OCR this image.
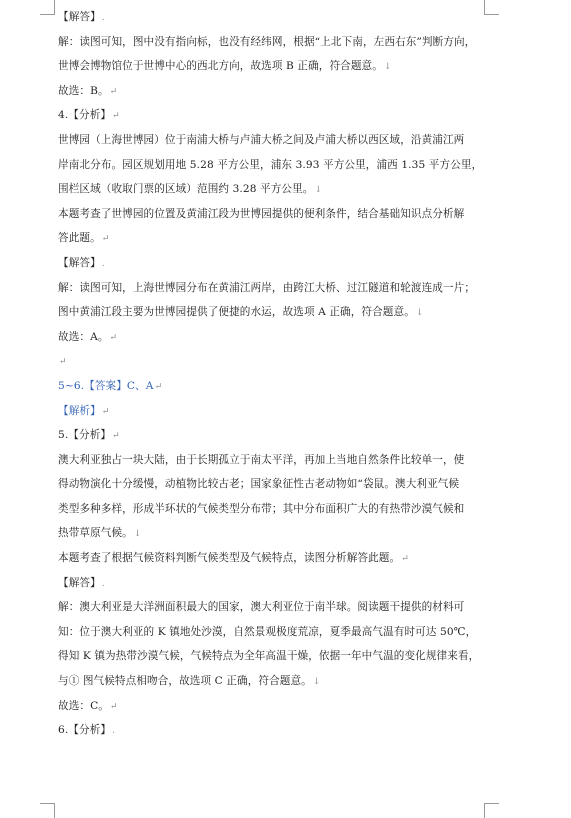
【解答】.
解：读图可知，图中没有指向标，也没有经纬网，根据“上北下南，左西右东”判断方向，
世博会博物馆位于世博中心的西北方向，故选项 B 正确，符合题意。↓
故选：B。↵
4.【分析】↵
世博园（上海世博园）位于南浦大桥与卢浦大桥之间及卢浦大桥以西区域，沿黄浦江两
岸南北分布。园区规划用地 5.28 平方公里，浦东 3.93 平方公里，浦西 1.35 平方公里，
围栏区域（收取门票的区域）范围约 3.28 平方公里。↓
本题考查了世博园的位置及黄浦江段为世博园提供的便利条件，结合基础知识点分析解
答此题。↵
【解答】.
解：读图可知，上海世博园分布在黄浦江两岸，由跨江大桥、过江隧道和轮渡连成一片；
图中黄浦江段主要为世博园提供了便捷的水运，故选项 A 正确，符合题意。↓
故选：A。↵
↵
5~6.【答案】C、A↵
【解析】↵
5.【分析】↵
澳大利亚独占一块大陆，由于长期孤立于南太平洋，再加上当地自然条件比较单一，使
得动物演化十分缓慢，动植物比较古老；国家象征性古老动物如“袋鼠。澳大利亚气候
类型多种多样，形成半环状的气候类型分布带；其中分布面积广大的有热带沙漠气候和
热带草原气候。↓
本题考查了根据气候资料判断气候类型及气候特点，读图分析解答此题。↵
【解答】.
解：澳大利亚是大洋洲面积最大的国家，澳大利亚位于南半球。阅读题干提供的材料可
知：位于澳大利亚的 K 镇地处沙漠，自然景观极度荒凉，夏季最高气温有时可达 50℃，
得知 K 镇为热带沙漠气候，气候特点为全年高温干燥，依据一年中气温的变化规律来看，
与① 图气候特点相吻合，故选项 C 正确，符合题意。↓
故选：C。↵
6.【分析】.
